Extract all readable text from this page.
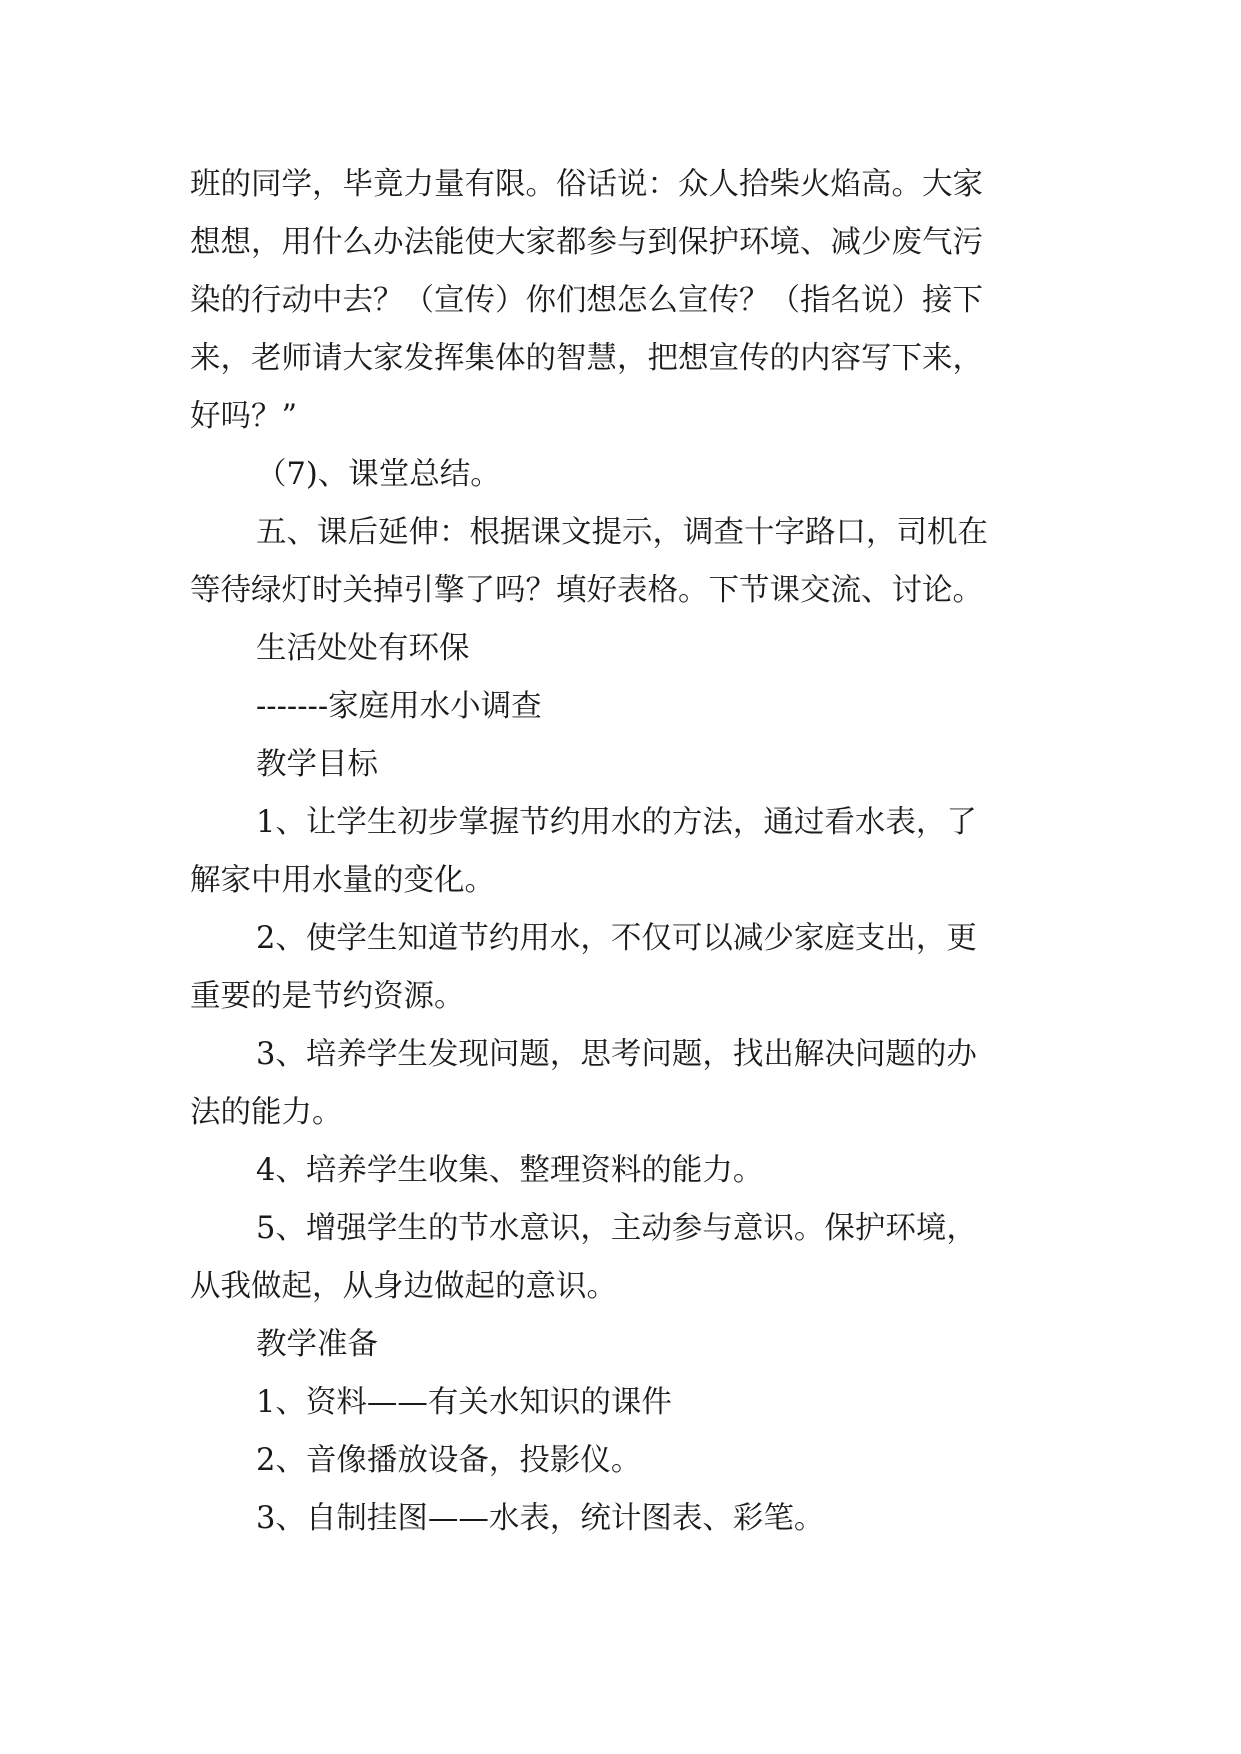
班的同学，毕竟力量有限。俗话说：众人拾柴火焰高。大家
想想，用什么办法能使大家都参与到保护环境、减少废气污
染的行动中去？（宣传）你们想怎么宣传？（指名说）接下
来，老师请大家发挥集体的智慧，把想宣传的内容写下来，
好吗？”
（7)、课堂总结。
五、课后延伸：根据课文提示，调查十字路口，司机在
等待绿灯时关掉引擎了吗？填好表格。下节课交流、讨论。
生活处处有环保
-------家庭用水小调查
教学目标
1、让学生初步掌握节约用水的方法，通过看水表，了
解家中用水量的变化。
2、使学生知道节约用水，不仅可以减少家庭支出，更
重要的是节约资源。
3、培养学生发现问题，思考问题，找出解决问题的办
法的能力。
4、培养学生收集、整理资料的能力。
5、增强学生的节水意识，主动参与意识。保护环境，
从我做起，从身边做起的意识。
教学准备
1、资料——有关水知识的课件
2、音像播放设备，投影仪。
3、自制挂图——水表，统计图表、彩笔。
